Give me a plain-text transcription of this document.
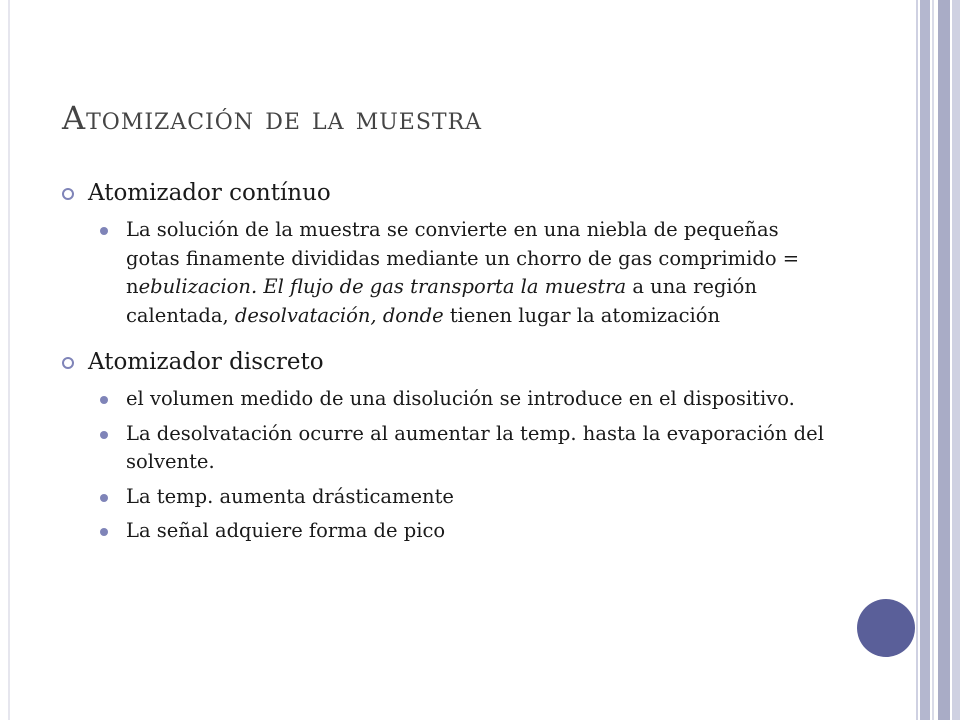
Atomización de la muestra
Atomizador contínuo
La solución de la muestra se convierte en una niebla de pequeñas gotas finamente divididas mediante un chorro de gas comprimido = nebulizacion. El flujo de gas transporta la muestra a una región calentada, desolvatación, donde tienen lugar la atomización
Atomizador discreto
el volumen medido de una disolución se introduce en el dispositivo.
La desolvatación ocurre al aumentar la temp. hasta la evaporación del solvente.
La temp. aumenta drásticamente
La señal adquiere forma de pico
